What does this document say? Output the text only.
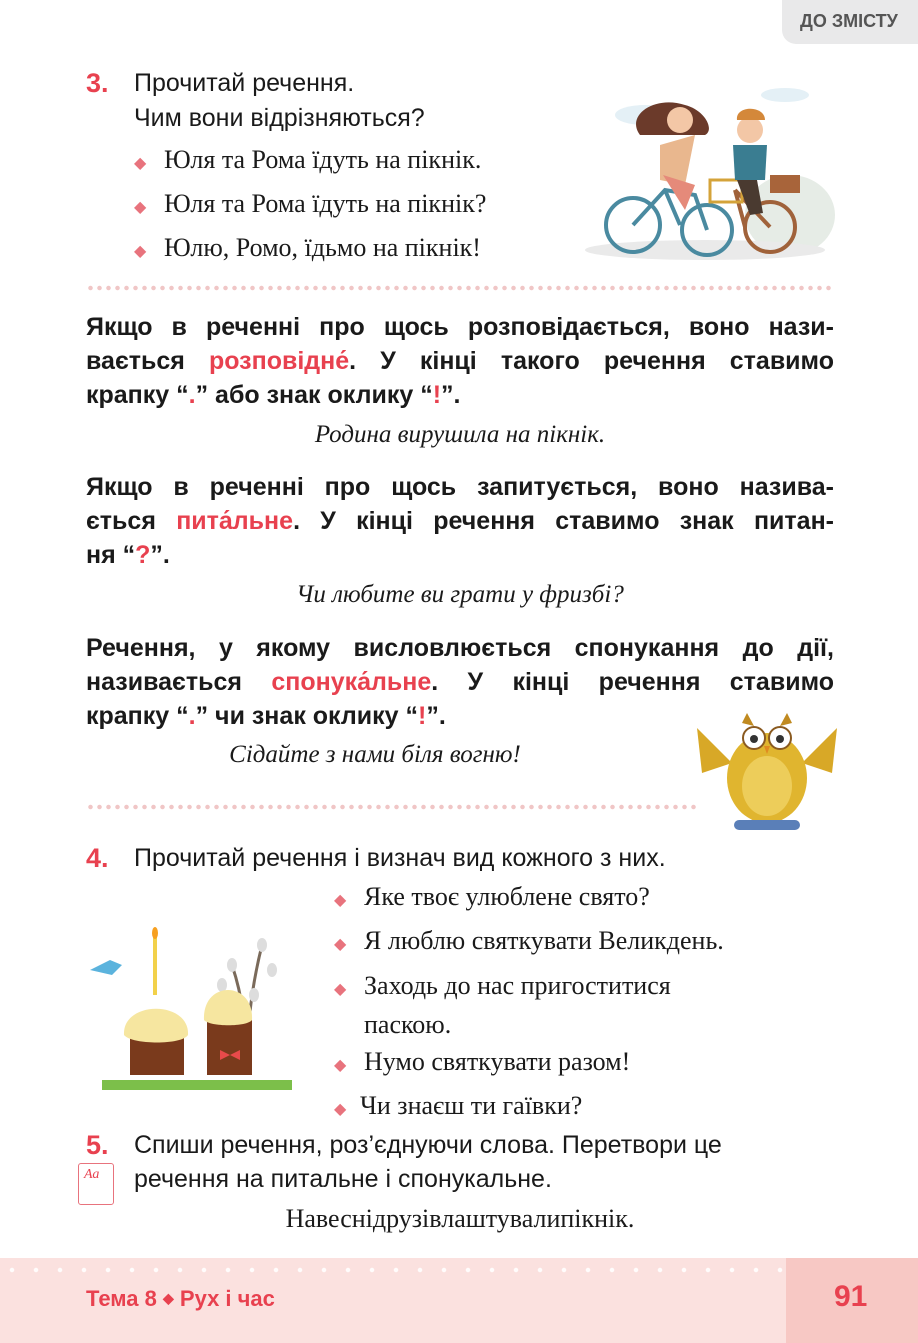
ДО ЗМІСТУ
3. Прочитай речення.
Чим вони відрізняються?
◆ Юля та Рома їдуть на пікнік.
◆ Юля та Рома їдуть на пікнік?
◆ Юлю, Ромо, їдьмо на пікнік!
Якщо в реченні про щось розповідається, воно нази-
вається розповідне́. У кінці такого речення ставимо
крапку “.” або знак оклику “!”.
Родина вирушила на пікнік.
Якщо в реченні про щось запитується, воно назива-
ється пита́льне. У кінці речення ставимо знак питан-
ня “?”.
Чи любите ви грати у фризбі?
Речення, у якому висловлюється спонукання до дії,
називається спонука́льне. У кінці речення ставимо
крапку “.” чи знак оклику “!”.
Сідайте з нами біля вогню!
4. Прочитай речення і визнач вид кожного з них.
◆ Яке твоє улюблене свято?
◆ Я люблю святкувати Великдень.
◆ Заходь до нас пригоститися
паскою.
◆ Нумо святкувати разом!
◆ Чи знаєш ти гаївки?
5.
Аа
Спиши речення, роз’єднуючи слова. Перетвори це
речення на питальне і спонукальне.
Навеснідрузівлаштувалипікнік.
Тема 8 ◆ Рух і час	91
